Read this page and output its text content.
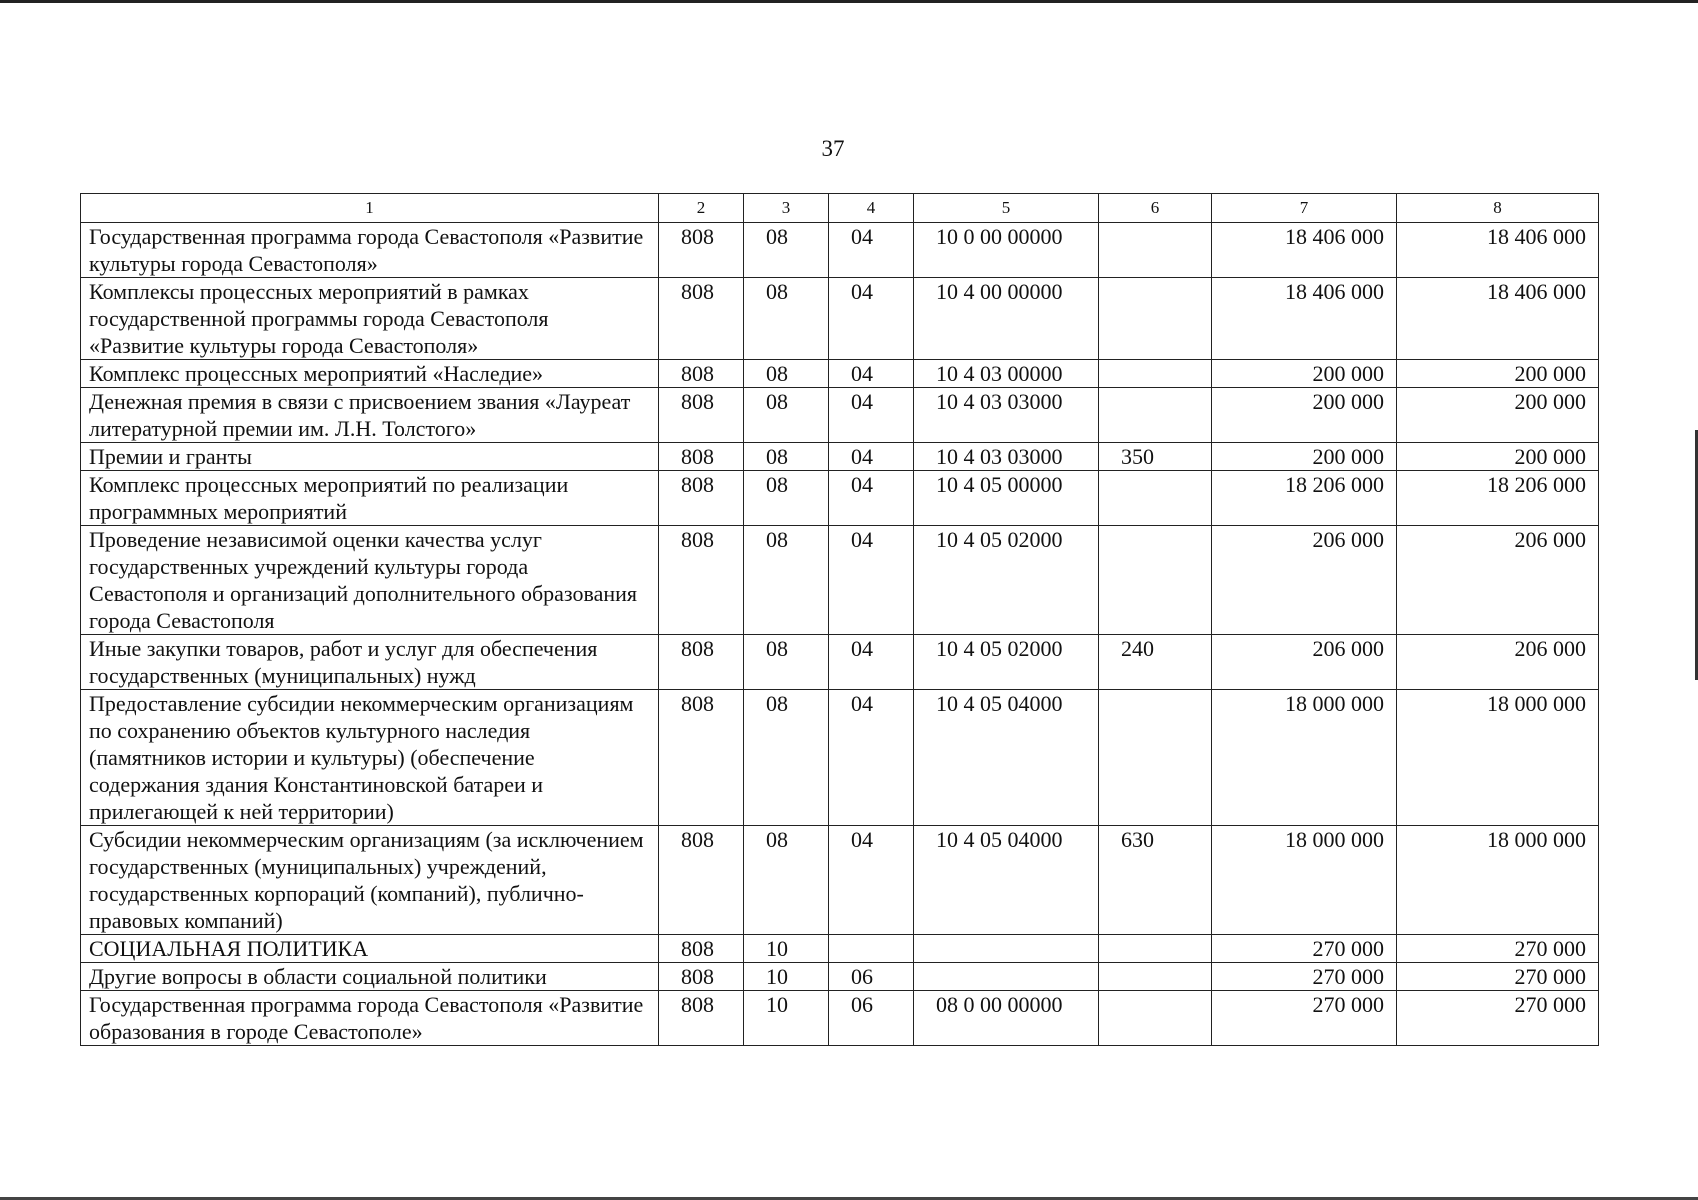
37
1	2	3	4	5	6	7	8
Государственная программа города Севастополя «Развитие культуры города Севастополя»	808	08	04	10 0 00 00000		18 406 000	18 406 000
Комплексы процессных мероприятий в рамках государственной программы города Севастополя «Развитие культуры города Севастополя»	808	08	04	10 4 00 00000		18 406 000	18 406 000
Комплекс процессных мероприятий «Наследие»	808	08	04	10 4 03 00000		200 000	200 000
Денежная премия в связи с присвоением звания «Лауреат литературной премии им. Л.Н. Толстого»	808	08	04	10 4 03 03000		200 000	200 000
Премии и гранты	808	08	04	10 4 03 03000	350	200 000	200 000
Комплекс процессных мероприятий по реализации программных мероприятий	808	08	04	10 4 05 00000		18 206 000	18 206 000
Проведение независимой оценки качества услуг государственных учреждений культуры города Севастополя и организаций дополнительного образования города Севастополя	808	08	04	10 4 05 02000		206 000	206 000
Иные закупки товаров, работ и услуг для обеспечения государственных (муниципальных) нужд	808	08	04	10 4 05 02000	240	206 000	206 000
Предоставление субсидии некоммерческим организациям по сохранению объектов культурного наследия (памятников истории и культуры) (обеспечение содержания здания Константиновской батареи и прилегающей к ней территории)	808	08	04	10 4 05 04000		18 000 000	18 000 000
Субсидии некоммерческим организациям (за исключением государственных (муниципальных) учреждений, государственных корпораций (компаний), публично-правовых компаний)	808	08	04	10 4 05 04000	630	18 000 000	18 000 000
СОЦИАЛЬНАЯ ПОЛИТИКА	808	10				270 000	270 000
Другие вопросы в области социальной политики	808	10	06			270 000	270 000
Государственная программа города Севастополя «Развитие образования в городе Севастополе»	808	10	06	08 0 00 00000		270 000	270 000
